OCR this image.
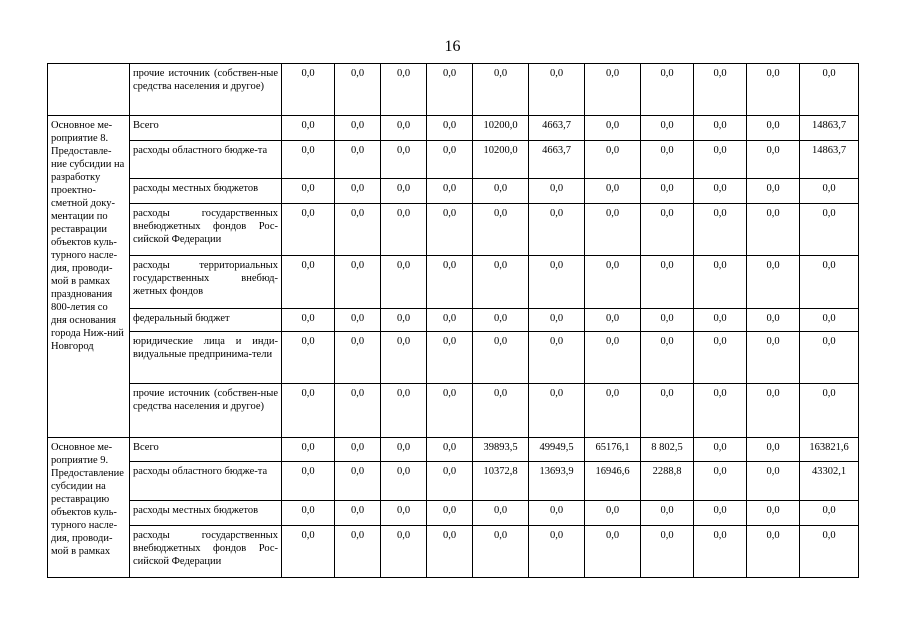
16
	прочие источник (собствен-ные средства населения и другое)	0,0	0,0	0,0	0,0	0,0	0,0	0,0	0,0	0,0	0,0	0,0
Основное ме-роприятие 8. Предоставле-ние субсидии на разработку проектно-сметной доку-ментации по реставрации объектов куль-турного насле-дия, проводи-мой в рамках празднования 800-летия со дня основания города Ниж-ний Новгород	Всего	0,0	0,0	0,0	0,0	10200,0	4663,7	0,0	0,0	0,0	0,0	14863,7
	расходы областного бюдже-та	0,0	0,0	0,0	0,0	10200,0	4663,7	0,0	0,0	0,0	0,0	14863,7
	расходы местных бюджетов	0,0	0,0	0,0	0,0	0,0	0,0	0,0	0,0	0,0	0,0	0,0
	расходы государственных внебюджетных фондов Рос-сийской Федерации	0,0	0,0	0,0	0,0	0,0	0,0	0,0	0,0	0,0	0,0	0,0
	расходы территориальных государственных внебюд-жетных фондов	0,0	0,0	0,0	0,0	0,0	0,0	0,0	0,0	0,0	0,0	0,0
	федеральный бюджет	0,0	0,0	0,0	0,0	0,0	0,0	0,0	0,0	0,0	0,0	0,0
	юридические лица и инди-видуальные предпринима-тели	0,0	0,0	0,0	0,0	0,0	0,0	0,0	0,0	0,0	0,0	0,0
	прочие источник (собствен-ные средства населения и другое)	0,0	0,0	0,0	0,0	0,0	0,0	0,0	0,0	0,0	0,0	0,0
Основное ме-роприятие 9. Предоставление субсидии на реставрацию объектов куль-турного насле-дия, проводи-мой в рамках	Всего	0,0	0,0	0,0	0,0	39893,5	49949,5	65176,1	8 802,5	0,0	0,0	163821,6
	расходы областного бюдже-та	0,0	0,0	0,0	0,0	10372,8	13693,9	16946,6	2288,8	0,0	0,0	43302,1
	расходы местных бюджетов	0,0	0,0	0,0	0,0	0,0	0,0	0,0	0,0	0,0	0,0	0,0
	расходы государственных внебюджетных фондов Рос-сийской Федерации	0,0	0,0	0,0	0,0	0,0	0,0	0,0	0,0	0,0	0,0	0,0
